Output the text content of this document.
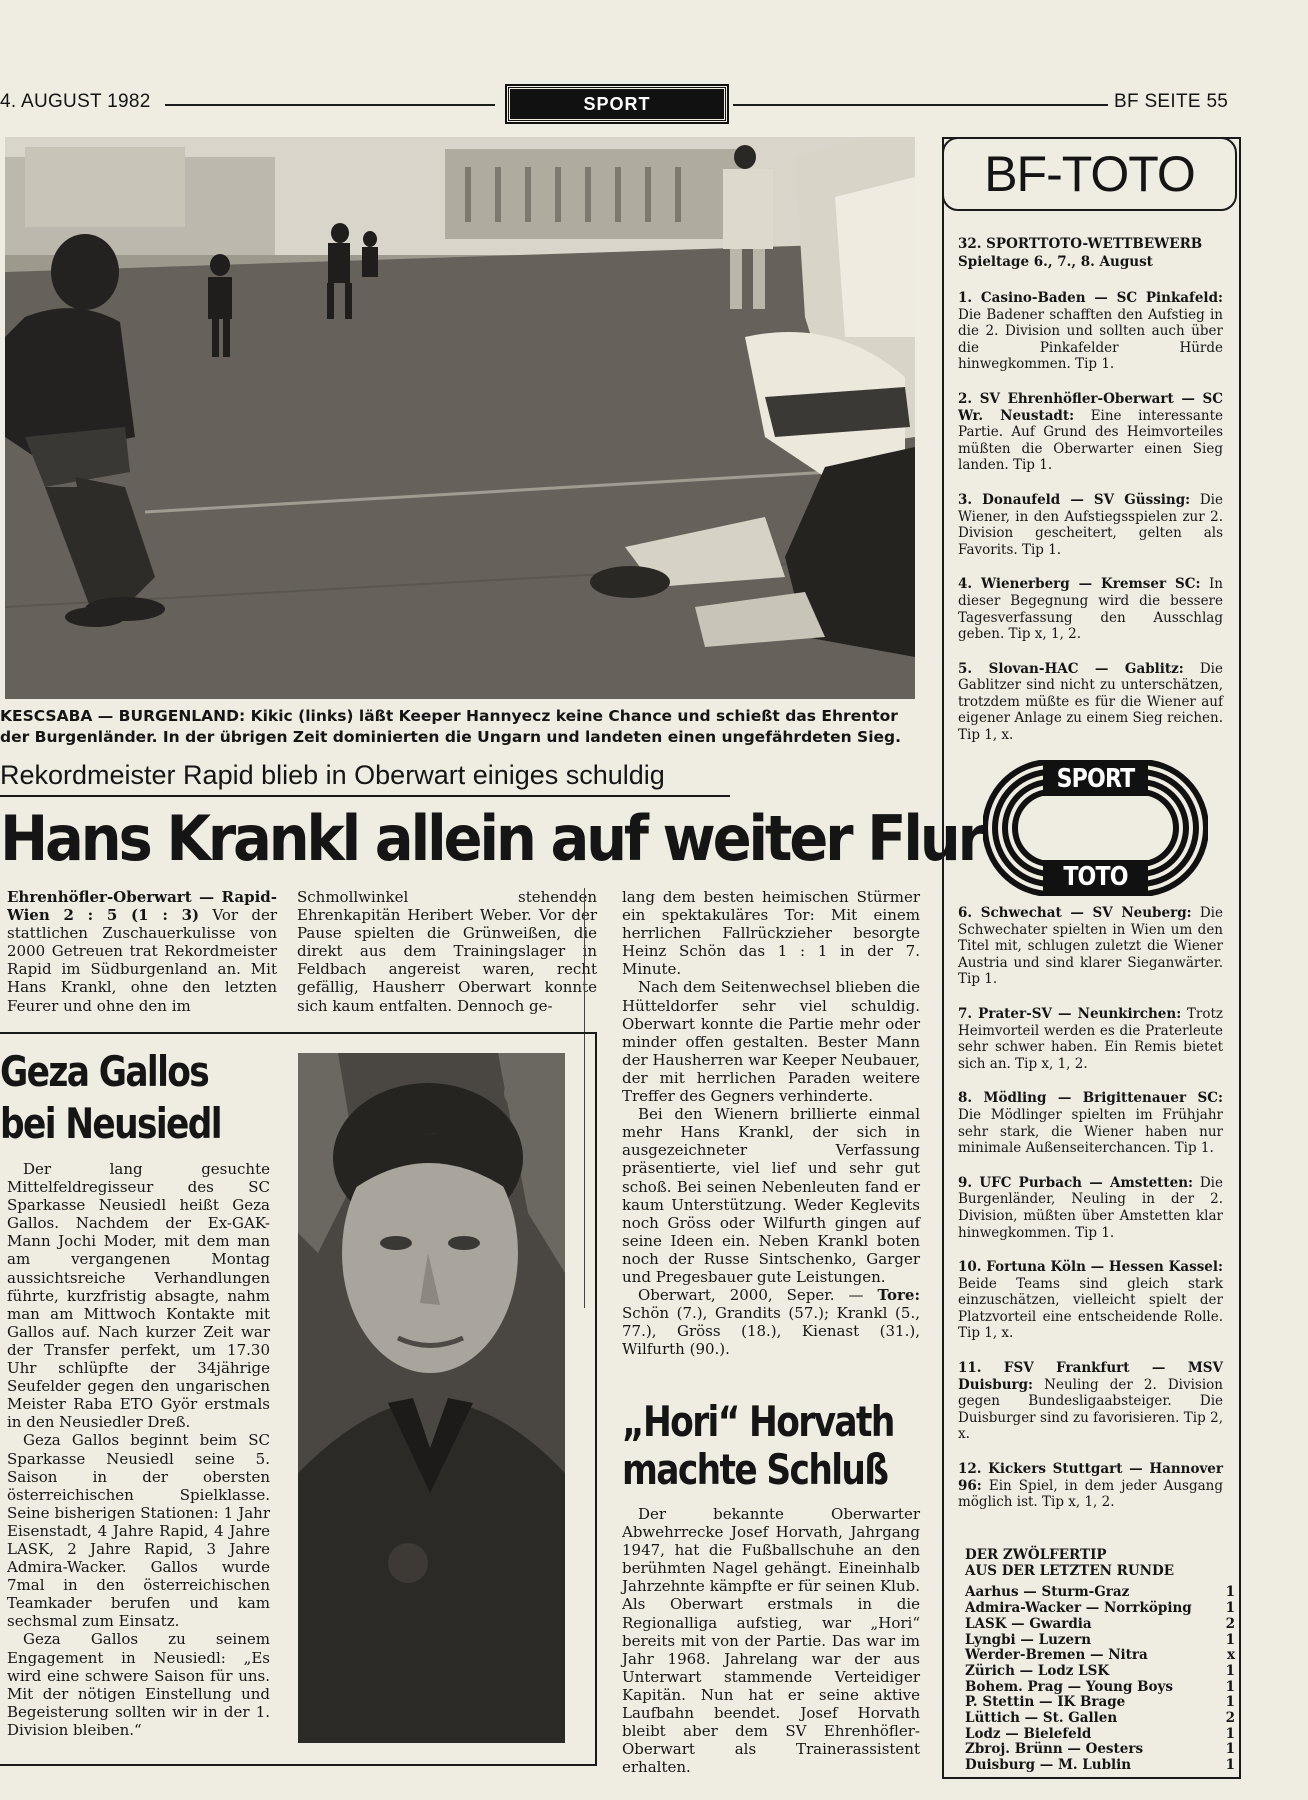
4. AUGUST 1982	SPORT	BF SEITE 55
KESCSABA — BURGENLAND: Kikic (links) läßt Keeper Hannyecz keine Chance und schießt das Ehrentor der Burgenländer. In der übrigen Zeit dominierten die Ungarn und landeten einen ungefährdeten Sieg.
Rekordmeister Rapid blieb in Oberwart einiges schuldig
Hans Krankl allein auf weiter Flur

Ehrenhöfler-Oberwart — Rapid-Wien 2 : 5 (1 : 3) Vor der stattlichen Zuschauerkulisse von 2000 Getreuen trat Rekordmeister Rapid im Südburgenland an. Mit Hans Krankl, ohne den letzten Feurer und ohne den im

Schmollwinkel stehenden Ehrenkapitän Heribert Weber. Vor der Pause spielten die Grünweißen, die direkt aus dem Trainingslager in Feldbach angereist waren, recht gefällig, Hausherr Oberwart konnte sich kaum entfalten. Dennoch ge-

lang dem besten heimischen Stürmer ein spektakuläres Tor: Mit einem herrlichen Fallrückzieher besorgte Heinz Schön das 1 : 1 in der 7. Minute.

Nach dem Seitenwechsel blieben die Hütteldorfer sehr viel schuldig. Oberwart konnte die Partie mehr oder minder offen gestalten. Bester Mann der Hausherren war Keeper Neubauer, der mit herrlichen Paraden weitere Treffer des Gegners verhinderte.

Bei den Wienern brillierte einmal mehr Hans Krankl, der sich in ausgezeichneter Verfassung präsentierte, viel lief und sehr gut schoß. Bei seinen Nebenleuten fand er kaum Unterstützung. Weder Keglevits noch Gröss oder Wilfurth gingen auf seine Ideen ein. Neben Krankl boten noch der Russe Sintschenko, Garger und Pregesbauer gute Leistungen.

Oberwart, 2000, Seper. — Tore: Schön (7.), Grandits (57.); Krankl (5., 77.), Gröss (18.), Kienast (31.), Wilfurth (90.).

Geza Gallos
bei Neusiedl

Der lang gesuchte Mittelfeldregisseur des SC Sparkasse Neusiedl heißt Geza Gallos. Nachdem der Ex-GAK-Mann Jochi Moder, mit dem man am vergangenen Montag aussichtsreiche Verhandlungen führte, kurzfristig absagte, nahm man am Mittwoch Kontakte mit Gallos auf. Nach kurzer Zeit war der Transfer perfekt, um 17.30 Uhr schlüpfte der 34jährige Seufelder gegen den ungarischen Meister Raba ETO Györ erstmals in den Neusiedler Dreß.

Geza Gallos beginnt beim SC Sparkasse Neusiedl seine 5. Saison in der obersten österreichischen Spielklasse. Seine bisherigen Stationen: 1 Jahr Eisenstadt, 4 Jahre Rapid, 4 Jahre LASK, 2 Jahre Rapid, 3 Jahre Admira-Wacker. Gallos wurde 7mal in den österreichischen Teamkader berufen und kam sechsmal zum Einsatz.

Geza Gallos zu seinem Engagement in Neusiedl: „Es wird eine schwere Saison für uns. Mit der nötigen Einstellung und Begeisterung sollten wir in der 1. Division bleiben.“

„Hori“ Horvath
machte Schluß

Der bekannte Oberwarter Abwehrrecke Josef Horvath, Jahrgang 1947, hat die Fußballschuhe an den berühmten Nagel gehängt. Eineinhalb Jahrzehnte kämpfte er für seinen Klub. Als Oberwart erstmals in die Regionalliga aufstieg, war „Hori“ bereits mit von der Partie. Das war im Jahr 1968. Jahrelang war der aus Unterwart stammende Verteidiger Kapitän. Nun hat er seine aktive Laufbahn beendet. Josef Horvath bleibt aber dem SV Ehrenhöfler-Oberwart als Trainerassistent erhalten.

BF-TOTO
32. SPORTTOTO-WETTBEWERB
Spieltage 6., 7., 8. August

1. Casino-Baden — SC Pinkafeld: Die Badener schafften den Aufstieg in die 2. Division und sollten auch über die Pinkafelder Hürde hinwegkommen. Tip 1.

2. SV Ehrenhöfler-Oberwart — SC Wr. Neustadt: Eine interessante Partie. Auf Grund des Heimvorteiles müßten die Oberwarter einen Sieg landen. Tip 1.

3. Donaufeld — SV Güssing: Die Wiener, in den Aufstiegsspielen zur 2. Division gescheitert, gelten als Favorits. Tip 1.

4. Wienerberg — Kremser SC: In dieser Begegnung wird die bessere Tagesverfassung den Ausschlag geben. Tip x, 1, 2.

5. Slovan-HAC — Gablitz: Die Gablitzer sind nicht zu unterschätzen, trotzdem müßte es für die Wiener auf eigener Anlage zu einem Sieg reichen. Tip 1, x.

SPORT
TOTO

6. Schwechat — SV Neuberg: Die Schwechater spielten in Wien um den Titel mit, schlugen zuletzt die Wiener Austria und sind klarer Sieganwärter. Tip 1.

7. Prater-SV — Neunkirchen: Trotz Heimvorteil werden es die Praterleute sehr schwer haben. Ein Remis bietet sich an. Tip x, 1, 2.

8. Mödling — Brigittenauer SC: Die Mödlinger spielten im Frühjahr sehr stark, die Wiener haben nur minimale Außenseiterchancen. Tip 1.

9. UFC Purbach — Amstetten: Die Burgenländer, Neuling in der 2. Division, müßten über Amstetten klar hinwegkommen. Tip 1.

10. Fortuna Köln — Hessen Kassel: Beide Teams sind gleich stark einzuschätzen, vielleicht spielt der Platzvorteil eine entscheidende Rolle. Tip 1, x.

11. FSV Frankfurt — MSV Duisburg: Neuling der 2. Division gegen Bundesligaabsteiger. Die Duisburger sind zu favorisieren. Tip 2, x.

12. Kickers Stuttgart — Hannover 96: Ein Spiel, in dem jeder Ausgang möglich ist. Tip x, 1, 2.

DER ZWÖLFERTIP
AUS DER LETZTEN RUNDE
Aarhus — Sturm-Graz	1
Admira-Wacker — Norrköping	1
LASK — Gwardia	2
Lyngbi — Luzern	1
Werder-Bremen — Nitra	x
Zürich — Lodz LSK	1
Bohem. Prag — Young Boys	1
P. Stettin — IK Brage	1
Lüttich — St. Gallen	2
Lodz — Bielefeld	1
Zbroj. Brünn — Oesters	1
Duisburg — M. Lublin	1
